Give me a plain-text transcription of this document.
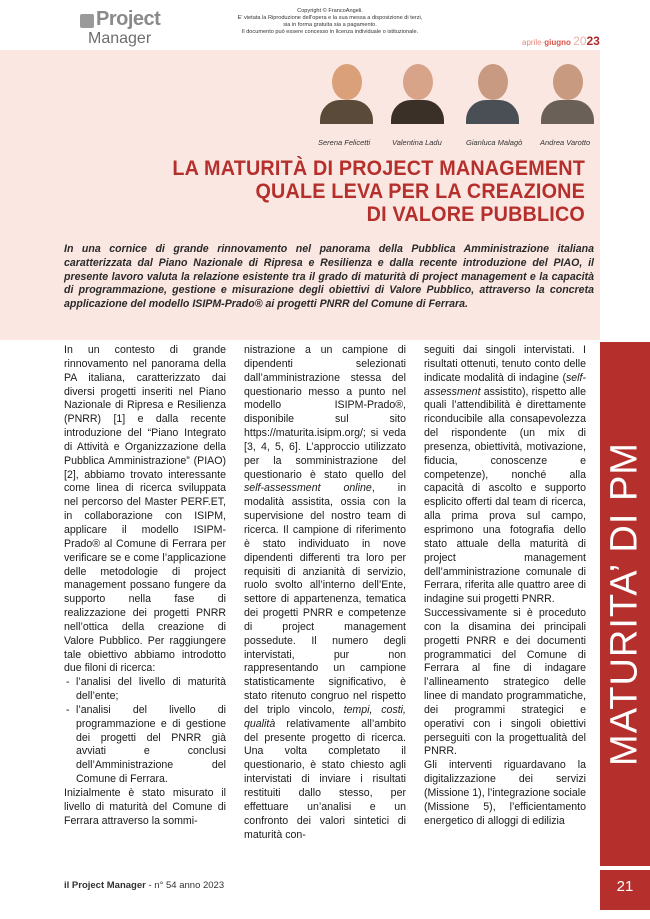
Project
Manager
Copyright © FrancoAngeli.
E' vietata la Riproduzione dell'opera e la sua messa a disposizione di terzi,
sia in forma gratuita sia a pagamento.
Il documento può essere concesso in licenza individuale o istituzionale.
aprile·giugno 2023
Serena Felicetti	Valentina Ladu	Gianluca Malagò Andrea Varotto
LA MATURITÀ DI PROJECT MANAGEMENT
QUALE LEVA PER LA CREAZIONE
DI VALORE PUBBLICO
In una cornice di grande rinnovamento nel panorama della Pubblica Amministrazione italiana caratterizzata dal Piano Nazionale di Ripresa e Resilienza e dalla recente introduzione del PIAO, il presente lavoro valuta la relazione esistente tra il grado di maturità di project management e la capacità di programmazione, gestione e misurazione degli obiettivi di Valore Pubblico, attraverso la concreta applicazione del modello ISIPM-Prado® ai progetti PNRR del Comune di Ferrara.

In un contesto di grande rinnovamento nel panorama della PA italiana, caratterizzato dai diversi progetti inseriti nel Piano Nazionale di Ripresa e Resilienza (PNRR) [1] e dalla recente introduzione del “Piano Integrato di Attività e Organizzazione della Pubblica Amministrazione” (PIAO) [2], abbiamo trovato interessante come linea di ricerca sviluppata nel percorso del Master PERF.ET, in collaborazione con ISIPM, applicare il modello ISIPM-Prado® al Comune di Ferrara per verificare se e come l’applicazione delle metodologie di project management possano fungere da supporto nella fase di realizzazione dei progetti PNRR nell’ottica della creazione di Valore Pubblico. Per raggiungere tale obiettivo abbiamo introdotto due filoni di ricerca:

- l’analisi del livello di maturità dell’ente;
- l’analisi del livello di programmazione e di gestione dei progetti del PNRR già avviati e conclusi dell’Amministrazione del Comune di Ferrara.

Inizialmente è stato misurato il livello di maturità del Comune di Ferrara attraverso la sommi-

nistrazione a un campione di dipendenti selezionati dall’amministrazione stessa del questionario messo a punto nel modello ISIPM-Prado®, disponibile sul sito https://maturita.isipm.org/; si veda [3, 4, 5, 6]. L’approccio utilizzato per la somministrazione del questionario è stato quello del self-assessment online, in modalità assistita, ossia con la supervisione del nostro team di ricerca. Il campione di riferimento è stato individuato in nove dipendenti differenti tra loro per requisiti di anzianità di servizio, ruolo svolto all’interno dell’Ente, settore di appartenenza, tematica dei progetti PNRR e competenze di project management possedute. Il numero degli intervistati, pur non rappresentando un campione statisticamente significativo, è stato ritenuto congruo nel rispetto del triplo vincolo, tempi, costi, qualità relativamente all’ambito del presente progetto di ricerca. Una volta completato il questionario, è stato chiesto agli intervistati di inviare i risultati restituiti dallo stesso, per effettuare un’analisi e un confronto dei valori sintetici di maturità con-

seguiti dai singoli intervistati. I risultati ottenuti, tenuto conto delle indicate modalità di indagine (self-assessment assistito), rispetto alle quali l’attendibilità è direttamente riconducibile alla consapevolezza del rispondente (un mix di presenza, obiettività, motivazione, fiducia, conoscenze e competenze), nonché alla capacità di ascolto e supporto esplicito offerti dal team di ricerca, alla prima prova sul campo, esprimono una fotografia dello stato attuale della maturità di project management dell’amministrazione comunale di Ferrara, riferita alle quattro aree di indagine sui progetti PNRR.

Successivamente si è proceduto con la disamina dei principali progetti PNRR e dei documenti programmatici del Comune di Ferrara al fine di indagare l’allineamento strategico delle linee di mandato programmatiche, dei programmi strategici e operativi con i singoli obiettivi perseguiti con la progettualità del PNRR.

Gli interventi riguardavano la digitalizzazione dei servizi (Missione 1), l’integrazione sociale (Missione 5), l’efficientamento energetico di alloggi di edilizia

MATURITA’ DI PM
il Project Manager - n° 54 anno 2023	21
